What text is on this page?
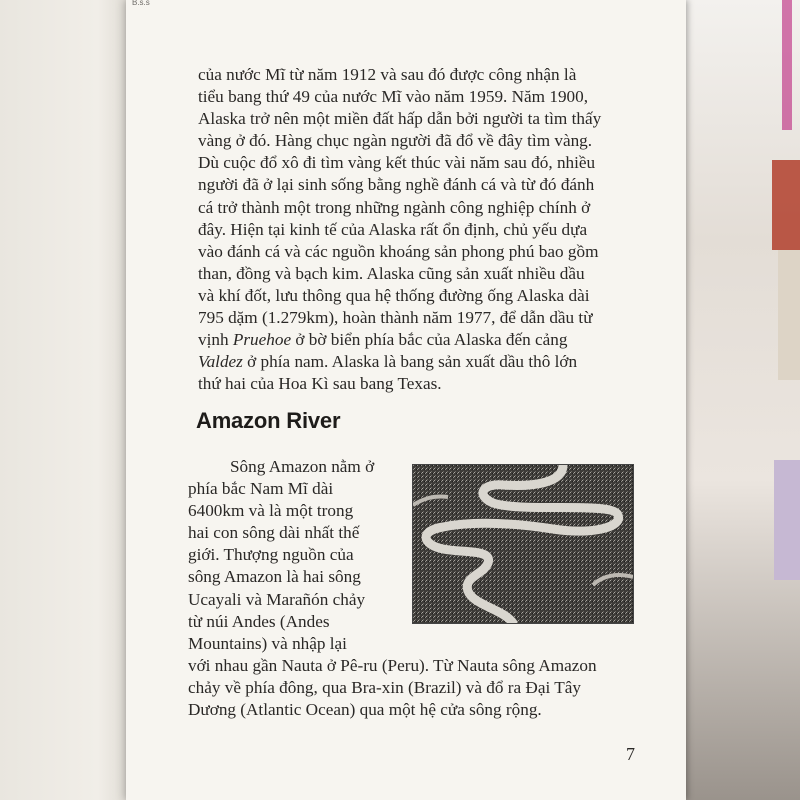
B.s.s
của nước Mĩ từ năm 1912 và sau đó được công nhận là
tiểu bang thứ 49 của nước Mĩ vào năm 1959. Năm 1900,
Alaska trở nên một miền đất hấp dẫn bởi người ta tìm thấy
vàng ở đó. Hàng chục ngàn người đã đổ về đây tìm vàng.
Dù cuộc đổ xô đi tìm vàng kết thúc vài năm sau đó, nhiều
người đã ở lại sinh sống bằng nghề đánh cá và từ đó đánh
cá trở thành một trong những ngành công nghiệp chính ở
đây. Hiện tại kinh tế của Alaska rất ổn định, chủ yếu dựa
vào đánh cá và các nguồn khoáng sản phong phú bao gồm
than, đồng và bạch kim. Alaska cũng sản xuất nhiều dầu
và khí đốt, lưu thông qua hệ thống đường ống Alaska dài
795 dặm (1.279km), hoàn thành năm 1977, để dẫn dầu từ
vịnh Pruehoe ở bờ biển phía bắc của Alaska đến cảng
Valdez ở phía nam. Alaska là bang sản xuất dầu thô lớn
thứ hai của Hoa Kì sau bang Texas.
Amazon River
Sông Amazon nằm ở
phía bắc Nam Mĩ dài
6400km và là một trong
hai con sông dài nhất thế
giới. Thượng nguồn của
sông Amazon là hai sông
Ucayali và Marañón chảy
từ núi Andes (Andes
Mountains) và nhập lại
với nhau gần Nauta ở Pê-ru (Peru). Từ Nauta sông Amazon
chảy về phía đông, qua Bra-xin (Brazil) và đổ ra Đại Tây
Dương (Atlantic Ocean) qua một hệ cửa sông rộng.
7
